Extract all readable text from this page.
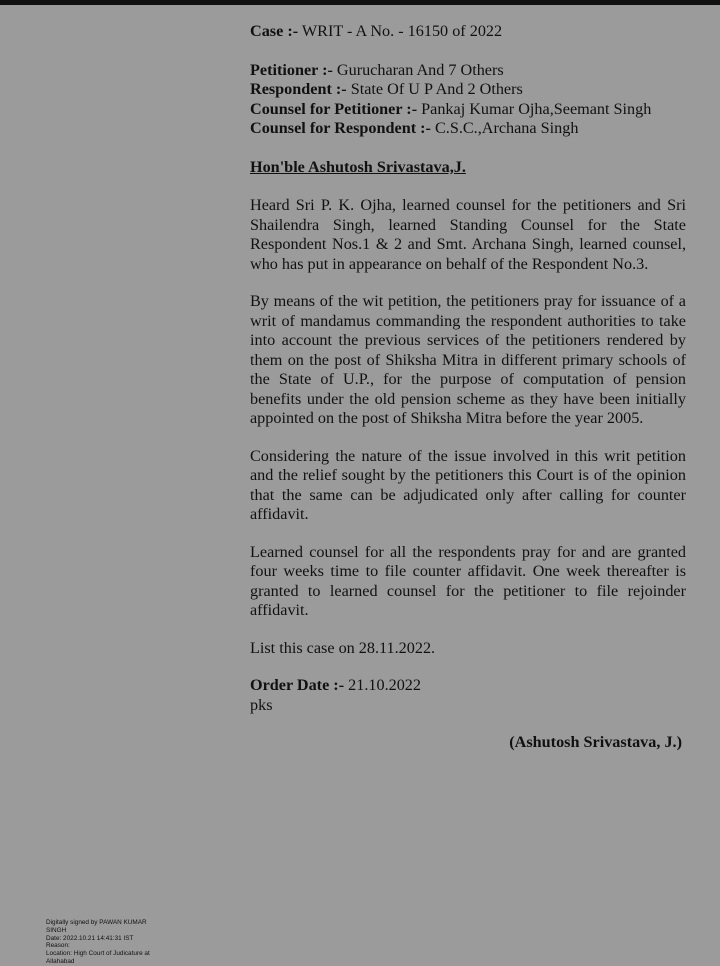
Case :- WRIT - A No. - 16150 of 2022
Petitioner :- Gurucharan And 7 Others
Respondent :- State Of U P And 2 Others
Counsel for Petitioner :- Pankaj Kumar Ojha,Seemant Singh
Counsel for Respondent :- C.S.C.,Archana Singh
Hon'ble Ashutosh Srivastava,J.

Heard Sri P. K. Ojha, learned counsel for the petitioners and Sri Shailendra Singh, learned Standing Counsel for the State Respondent Nos.1 & 2 and Smt. Archana Singh, learned counsel, who has put in appearance on behalf of the Respondent No.3.

By means of the wit petition, the petitioners pray for issuance of a writ of mandamus commanding the respondent authorities to take into account the previous services of the petitioners rendered by them on the post of Shiksha Mitra in different primary schools of the State of U.P., for the purpose of computation of pension benefits under the old pension scheme as they have been initially appointed on the post of Shiksha Mitra before the year 2005.

Considering the nature of the issue involved in this writ petition and the relief sought by the petitioners this Court is of the opinion that the same can be adjudicated only after calling for counter affidavit.

Learned counsel for all the respondents pray for and are granted four weeks time to file counter affidavit. One week thereafter is granted to learned counsel for the petitioner to file rejoinder affidavit.

List this case on 28.11.2022.

Order Date :- 21.10.2022
pks
(Ashutosh Srivastava, J.)
Digitally signed by PAWAN KUMAR
SINGH
Date: 2022.10.21 14:41:31 IST
Reason:
Location: High Court of Judicature at
Allahabad
